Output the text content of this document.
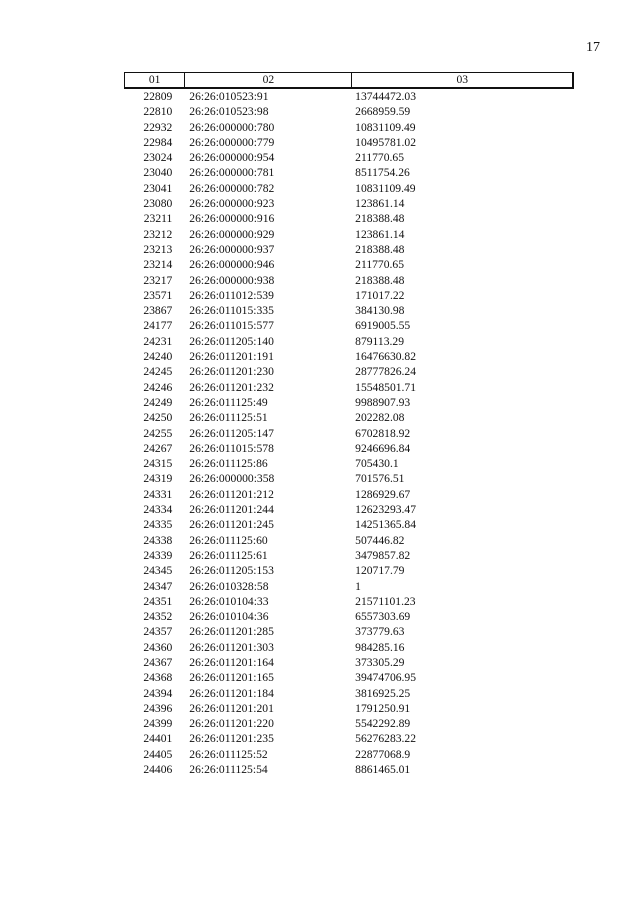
17
01	02	03
22809	26:26:010523:91	13744472.03
22810	26:26:010523:98	2668959.59
22932	26:26:000000:780	10831109.49
22984	26:26:000000:779	10495781.02
23024	26:26:000000:954	211770.65
23040	26:26:000000:781	8511754.26
23041	26:26:000000:782	10831109.49
23080	26:26:000000:923	123861.14
23211	26:26:000000:916	218388.48
23212	26:26:000000:929	123861.14
23213	26:26:000000:937	218388.48
23214	26:26:000000:946	211770.65
23217	26:26:000000:938	218388.48
23571	26:26:011012:539	171017.22
23867	26:26:011015:335	384130.98
24177	26:26:011015:577	6919005.55
24231	26:26:011205:140	879113.29
24240	26:26:011201:191	16476630.82
24245	26:26:011201:230	28777826.24
24246	26:26:011201:232	15548501.71
24249	26:26:011125:49	9988907.93
24250	26:26:011125:51	202282.08
24255	26:26:011205:147	6702818.92
24267	26:26:011015:578	9246696.84
24315	26:26:011125:86	705430.1
24319	26:26:000000:358	701576.51
24331	26:26:011201:212	1286929.67
24334	26:26:011201:244	12623293.47
24335	26:26:011201:245	14251365.84
24338	26:26:011125:60	507446.82
24339	26:26:011125:61	3479857.82
24345	26:26:011205:153	120717.79
24347	26:26:010328:58	1
24351	26:26:010104:33	21571101.23
24352	26:26:010104:36	6557303.69
24357	26:26:011201:285	373779.63
24360	26:26:011201:303	984285.16
24367	26:26:011201:164	373305.29
24368	26:26:011201:165	39474706.95
24394	26:26:011201:184	3816925.25
24396	26:26:011201:201	1791250.91
24399	26:26:011201:220	5542292.89
24401	26:26:011201:235	56276283.22
24405	26:26:011125:52	22877068.9
24406	26:26:011125:54	8861465.01
